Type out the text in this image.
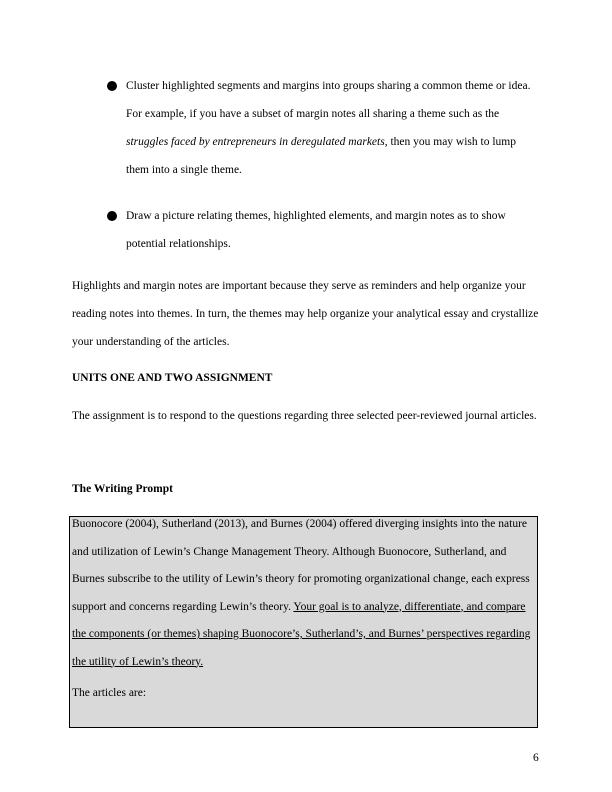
Cluster highlighted segments and margins into groups sharing a common theme or idea. For example, if you have a subset of margin notes all sharing a theme such as the struggles faced by entrepreneurs in deregulated markets, then you may wish to lump them into a single theme.
Draw a picture relating themes, highlighted elements, and margin notes as to show potential relationships.
Highlights and margin notes are important because they serve as reminders and help organize your reading notes into themes. In turn, the themes may help organize your analytical essay and crystallize your understanding of the articles.
UNITS ONE AND TWO ASSIGNMENT
The assignment is to respond to the questions regarding three selected peer-reviewed journal articles.
The Writing Prompt
Buonocore (2004), Sutherland (2013), and Burnes (2004) offered diverging insights into the nature and utilization of Lewin’s Change Management Theory. Although Buonocore, Sutherland, and Burnes subscribe to the utility of Lewin’s theory for promoting organizational change, each express support and concerns regarding Lewin’s theory. Your goal is to analyze, differentiate, and compare the components (or themes) shaping Buonocore’s, Sutherland’s, and Burnes’ perspectives regarding the utility of Lewin’s theory.
The articles are:
6
